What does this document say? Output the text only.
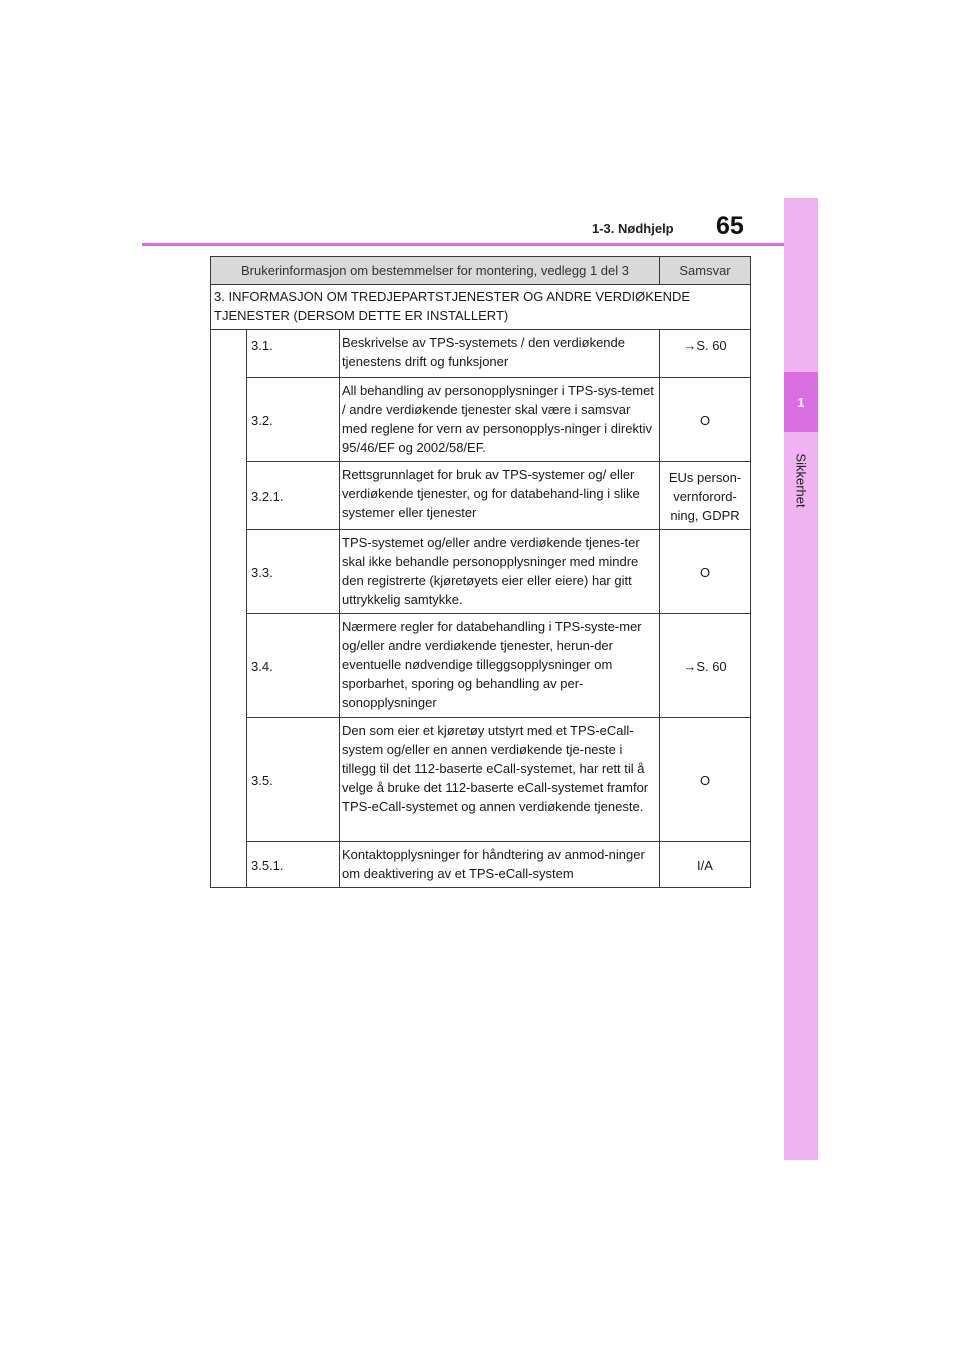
1
Sikkerhet
1-3. Nødhjelp 65
Brukerinformasjon om bestemmelser for montering, vedlegg 1 del 3			Samsvar
3. INFORMASJON OM TREDJEPARTSTJENESTER OG ANDRE VERDIØKENDE TJENESTER (DERSOM DETTE ER INSTALLERT)			
	3.1.	Beskrivelse av TPS-systemets / den verdiøkende tjenestens drift og funksjoner	→S. 60
	3.2.	All behandling av personopplysninger i TPS-sys-temet / andre verdiøkende tjenester skal være i samsvar med reglene for vern av personopplys-ninger i direktiv 95/46/EF og 2002/58/EF.	O
	3.2.1.	Rettsgrunnlaget for bruk av TPS-systemer og/ eller verdiøkende tjenester, og for databehand-ling i slike systemer eller tjenester	EUs person-vernforord-ning, GDPR
	3.3.	TPS-systemet og/eller andre verdiøkende tjenes-ter skal ikke behandle personopplysninger med mindre den registrerte (kjøretøyets eier eller eiere) har gitt uttrykkelig samtykke.	O
	3.4.	Nærmere regler for databehandling i TPS-syste-mer og/eller andre verdiøkende tjenester, herun-der eventuelle nødvendige tilleggsopplysninger om sporbarhet, sporing og behandling av per-sonopplysninger	→S. 60
	3.5.	Den som eier et kjøretøy utstyrt med et TPS-eCall-system og/eller en annen verdiøkende tje-neste i tillegg til det 112-baserte eCall-systemet, har rett til å velge å bruke det 112-baserte eCall-systemet framfor TPS-eCall-systemet og annen verdiøkende tjeneste.	O
	3.5.1.	Kontaktopplysninger for håndtering av anmod-ninger om deaktivering av et TPS-eCall-system	I/A
